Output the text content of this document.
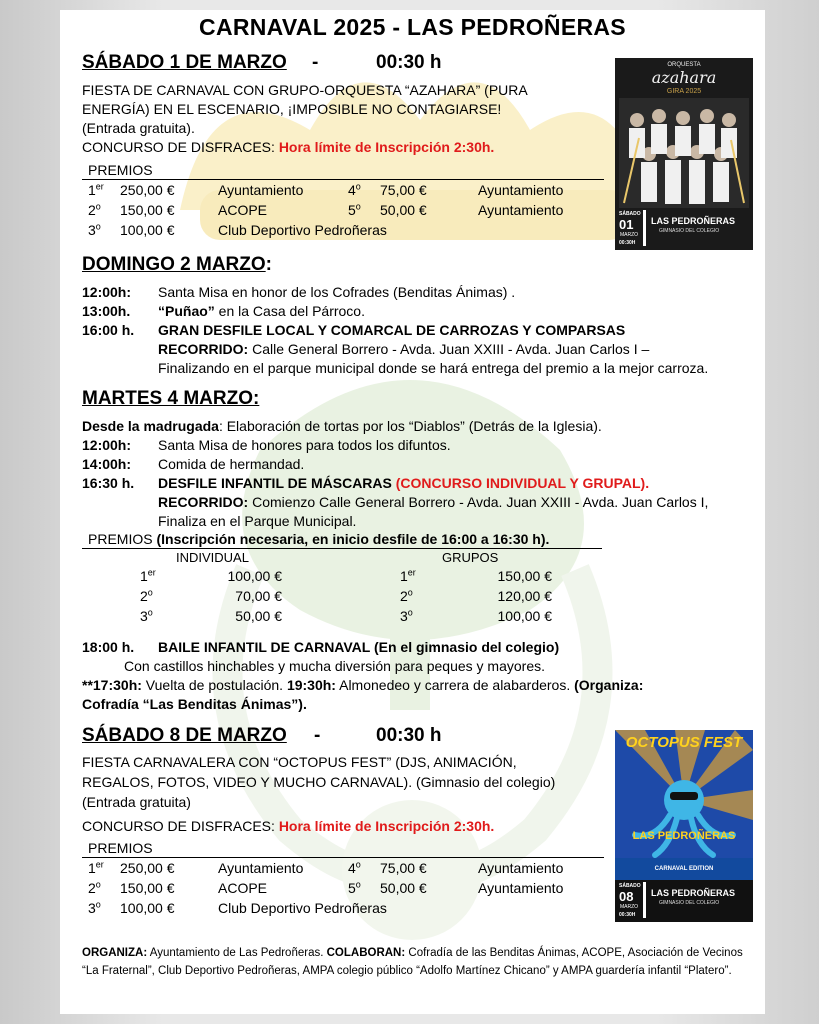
CARNAVAL 2025 - LAS PEDROÑERAS
SÁBADO 1 DE MARZO -	00:30 h
FIESTA DE CARNAVAL CON GRUPO-ORQUESTA “AZAHARA” (PURA
ENERGÍA) EN EL ESCENARIO, ¡IMPOSIBLE NO CONTAGIARSE!
(Entrada gratuita).
CONCURSO DE DISFRACES: Hora límite de Inscripción 2:30h.
PREMIOS
1er 250,00 €	Ayuntamiento	4$^o$ 75,00 €	Ayuntamiento
2$^o$ 150,00 €	ACOPE	5$^o$ 50,00 €	Ayuntamiento
3$^o$ 100,00 €	Club Deportivo Pedroñeras
ORQUESTA
azahara
GIRA 2025
SÁBADO
01
MARZO
00:30H
LAS PEDROÑERAS
GIMNASIO DEL COLEGIO
DOMINGO 2 MARZO:
12:00h: Santa Misa en honor de los Cofrades (Benditas Ánimas) .
13:00h. “Puñao” en la Casa del Párroco.
16:00 h. GRAN DESFILE LOCAL Y COMARCAL DE CARROZAS Y COMPARSAS
RECORRIDO: Calle General Borrero - Avda. Juan XXIII - Avda. Juan Carlos I –
Finalizando en el parque municipal donde se hará entrega del premio a la mejor carroza.
MARTES 4 MARZO:
Desde la madrugada: Elaboración de tortas por los “Diablos” (Detrás de la Iglesia).
12:00h: Santa Misa de honores para todos los difuntos.
14:00h: Comida de hermandad.
16:30 h. DESFILE INFANTIL DE MÁSCARAS (CONCURSO INDIVIDUAL Y GRUPAL).
RECORRIDO: Comienzo Calle General Borrero - Avda. Juan XXIII - Avda. Juan Carlos I,
Finaliza en el Parque Municipal.
PREMIOS (Inscripción necesaria, en inicio desfile de 16:00 a 16:30 h).
INDIVIDUAL	GRUPOS
1er	100,00 €	1er	150,00 €
2$^o$	70,00 €	2$^o$	120,00 €
3$^o$	50,00 €	3$^o$	100,00 €
18:00 h. BAILE INFANTIL DE CARNAVAL (En el gimnasio del colegio)
Con castillos hinchables y mucha diversión para peques y mayores.
**17:30h: Vuelta de postulación. 19:30h: Almonedeo y carrera de alabarderos. (Organiza:
Cofradía “Las Benditas Ánimas”).
SÁBADO 8 DE MARZO -	00:30 h
FIESTA CARNAVALERA CON “OCTOPUS FEST” (DJS, ANIMACIÓN,
REGALOS, FOTOS, VIDEO Y MUCHO CARNAVAL). (Gimnasio del colegio)
(Entrada gratuita)
CONCURSO DE DISFRACES: Hora límite de Inscripción 2:30h.
PREMIOS
1er 250,00 €	Ayuntamiento	4$^o$ 75,00 €	Ayuntamiento
2$^o$ 150,00 €	ACOPE	5$^o$ 50,00 €	Ayuntamiento
3$^o$ 100,00 €	Club Deportivo Pedroñeras
OCTOPUS FEST
LAS PEDROÑERAS
CARNAVAL EDITION
SÁBADO
08
MARZO
00:30H
LAS PEDROÑERAS
GIMNASIO DEL COLEGIO
ORGANIZA: Ayuntamiento de Las Pedroñeras. COLABORAN: Cofradía de las Benditas Ánimas, ACOPE, Asociación de Vecinos “La Fraternal”, Club Deportivo Pedroñeras, AMPA colegio público “Adolfo Martínez Chicano” y AMPA guardería infantil “Platero”.
